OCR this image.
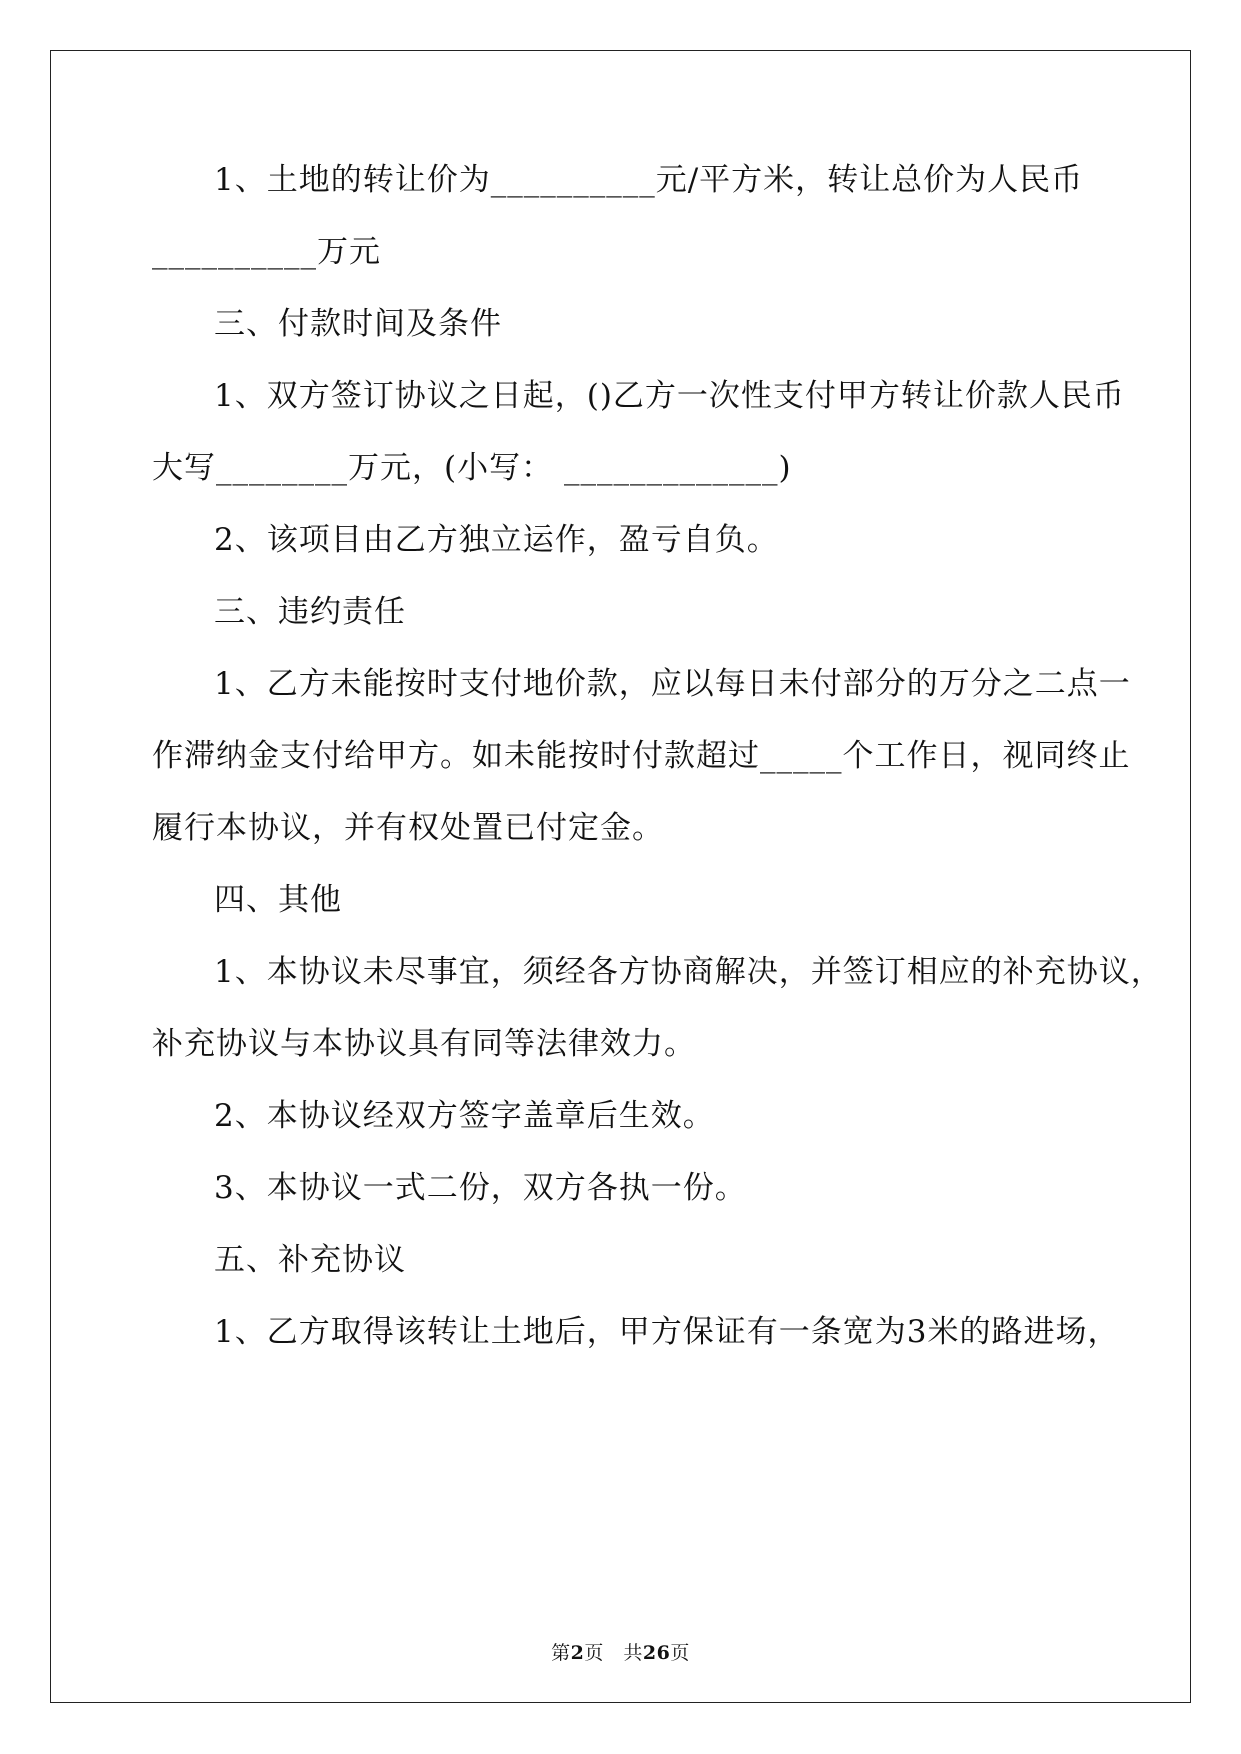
1、土地的转让价为__________元/平方米，转让总价为人民币
__________万元
三、付款时间及条件
1、双方签订协议之日起，()乙方一次性支付甲方转让价款人民币
大写________万元，(小写： _____________)
2、该项目由乙方独立运作，盈亏自负。
三、违约责任
1、乙方未能按时支付地价款，应以每日未付部分的万分之二点一
作滞纳金支付给甲方。如未能按时付款超过_____个工作日，视同终止
履行本协议，并有权处置已付定金。
四、其他
1、本协议未尽事宜，须经各方协商解决，并签订相应的补充协议，
补充协议与本协议具有同等法律效力。
2、本协议经双方签字盖章后生效。
3、本协议一式二份，双方各执一份。
五、补充协议
1、乙方取得该转让土地后，甲方保证有一条宽为3米的路进场，
第2页　共26页
